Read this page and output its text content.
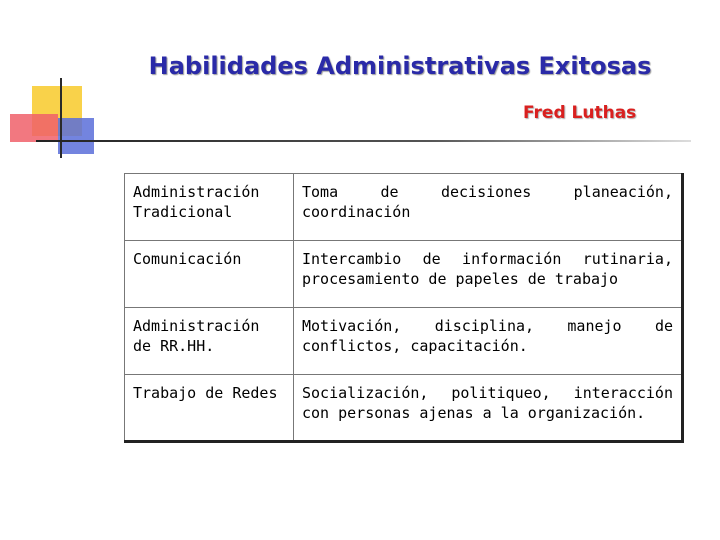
Habilidades Administrativas Exitosas
Fred Luthas
Administración Tradicional	Toma de decisiones planeación, coordinación
Comunicación	Intercambio de información rutinaria, procesamiento de papeles de trabajo
Administración de RR.HH.	Motivación, disciplina, manejo de conflictos, capacitación.
Trabajo de Redes	Socialización, politiqueo, interacción con personas ajenas a la organización.
